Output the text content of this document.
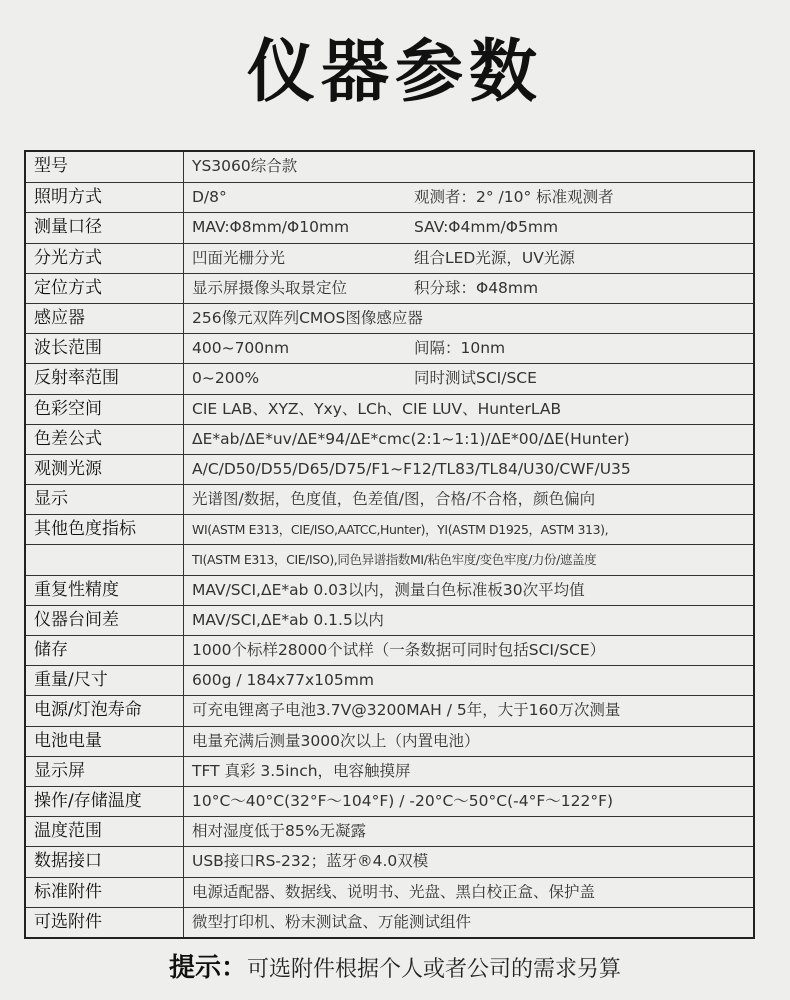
仪器参数
型号	YS3060综合款
照明方式	D/8°	观测者：2° /10° 标准观测者
测量口径	MAV:Φ8mm/Φ10mm	SAV:Φ4mm/Φ5mm
分光方式	凹面光栅分光	组合LED光源，UV光源
定位方式	显示屏摄像头取景定位	积分球：Φ48mm
感应器	256像元双阵列CMOS图像感应器
波长范围	400~700nm	间隔：10nm
反射率范围	0~200%	同时测试SCI/SCE
色彩空间	CIE LAB、XYZ、Yxy、LCh、CIE LUV、HunterLAB
色差公式	ΔE*ab/ΔE*uv/ΔE*94/ΔE*cmc(2:1~1:1)/ΔE*00/ΔE(Hunter)
观测光源	A/C/D50/D55/D65/D75/F1~F12/TL83/TL84/U30/CWF/U35
显示	光谱图/数据，色度值，色差值/图，合格/不合格，颜色偏向
其他色度指标	WI(ASTM E313，CIE/ISO,AATCC,Hunter)，YI(ASTM D1925，ASTM 313),
TI(ASTM E313，CIE/ISO),同色异谱指数MI/粘色牢度/变色牢度/力份/遮盖度
重复性精度	MAV/SCI,ΔE*ab 0.03以内，测量白色标准板30次平均值
仪器台间差	MAV/SCI,ΔE*ab 0.1.5以内
储存	1000个标样28000个试样（一条数据可同时包括SCI/SCE）
重量/尺寸	600g / 184x77x105mm
电源/灯泡寿命	可充电锂离子电池3.7V@3200MAH / 5年，大于160万次测量
电池电量	电量充满后测量3000次以上（内置电池）
显示屏	TFT 真彩 3.5inch，电容触摸屏
操作/存储温度	10°C～40°C(32°F～104°F) / -20°C～50°C(-4°F～122°F)
温度范围	相对湿度低于85%无凝露
数据接口	USB接口RS-232；蓝牙®4.0双模
标准附件	电源适配器、数据线、说明书、光盘、黑白校正盒、保护盖
可选附件	微型打印机、粉末测试盒、万能测试组件
提示：可选附件根据个人或者公司的需求另算
